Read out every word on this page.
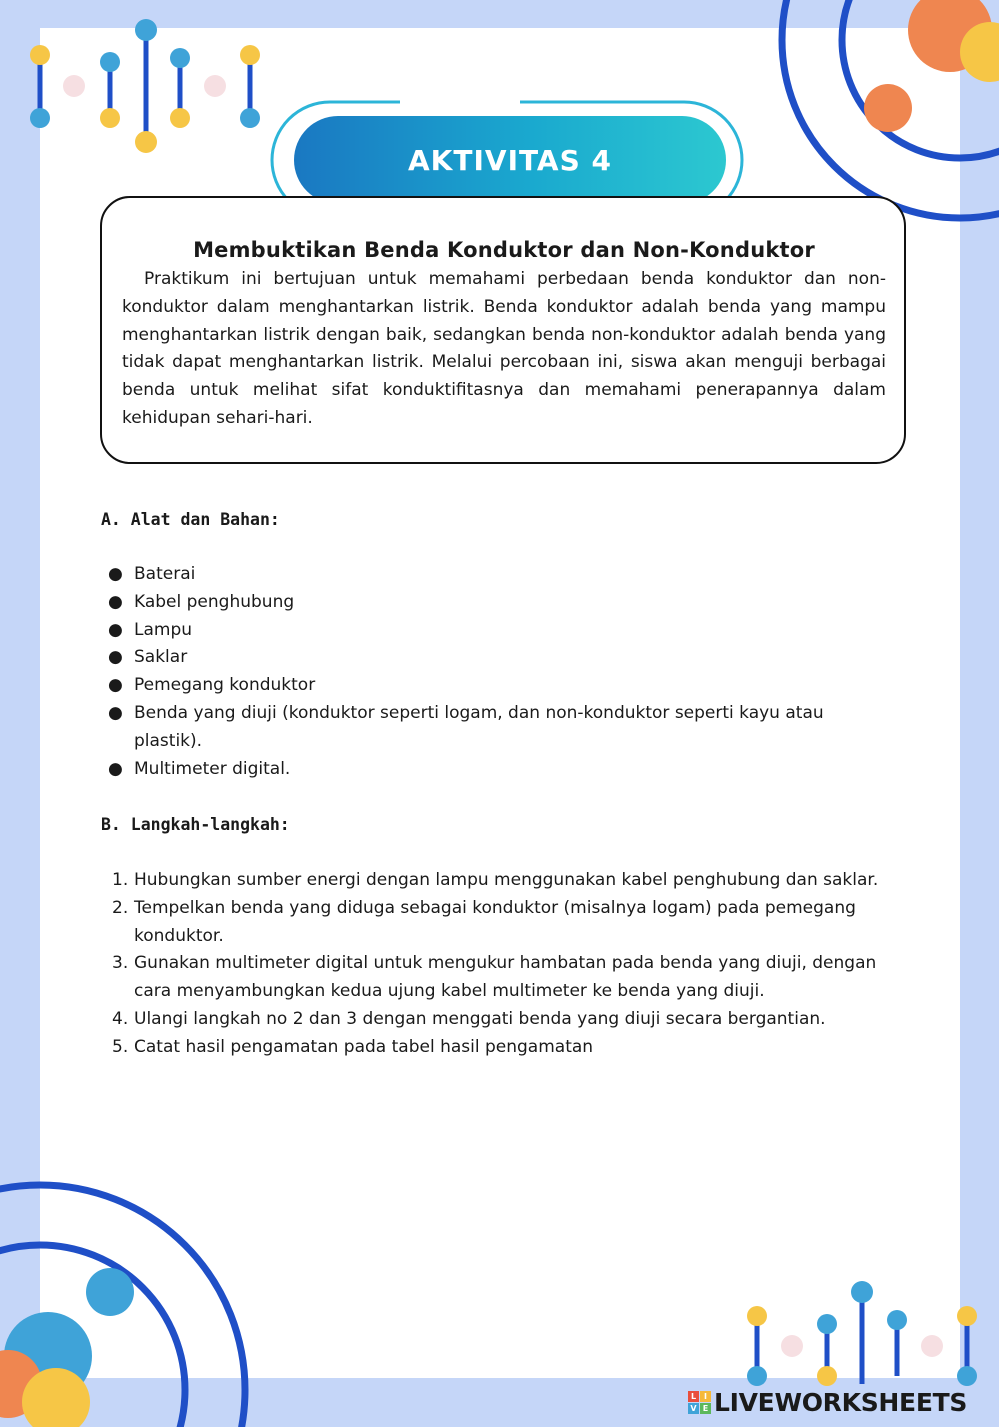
AKTIVITAS 4
Membuktikan Benda Konduktor dan Non-Konduktor

Praktikum ini bertujuan untuk memahami perbedaan benda konduktor dan non-konduktor dalam menghantarkan listrik. Benda konduktor adalah benda yang mampu menghantarkan listrik dengan baik, sedangkan benda non-konduktor adalah benda yang tidak dapat menghantarkan listrik. Melalui percobaan ini, siswa akan menguji berbagai benda untuk melihat sifat konduktifitasnya dan memahami penerapannya dalam kehidupan sehari-hari.

A. Alat dan Bahan:
● Baterai
● Kabel penghubung
● Lampu
● Saklar
● Pemegang konduktor
● Benda yang diuji (konduktor seperti logam, dan non-konduktor seperti kayu atau plastik).
● Multimeter digital.
B. Langkah-langkah:
1. Hubungkan sumber energi dengan lampu menggunakan kabel penghubung dan saklar.
2. Tempelkan benda yang diduga sebagai konduktor (misalnya logam) pada pemegang konduktor.
3. Gunakan multimeter digital untuk mengukur hambatan pada benda yang diuji, dengan cara menyambungkan kedua ujung kabel multimeter ke benda yang diuji.
4. Ulangi langkah no 2 dan 3 dengan menggati benda yang diuji secara bergantian.
5. Catat hasil pengamatan pada tabel hasil pengamatan
L I
V E LIVEWORKSHEETS
